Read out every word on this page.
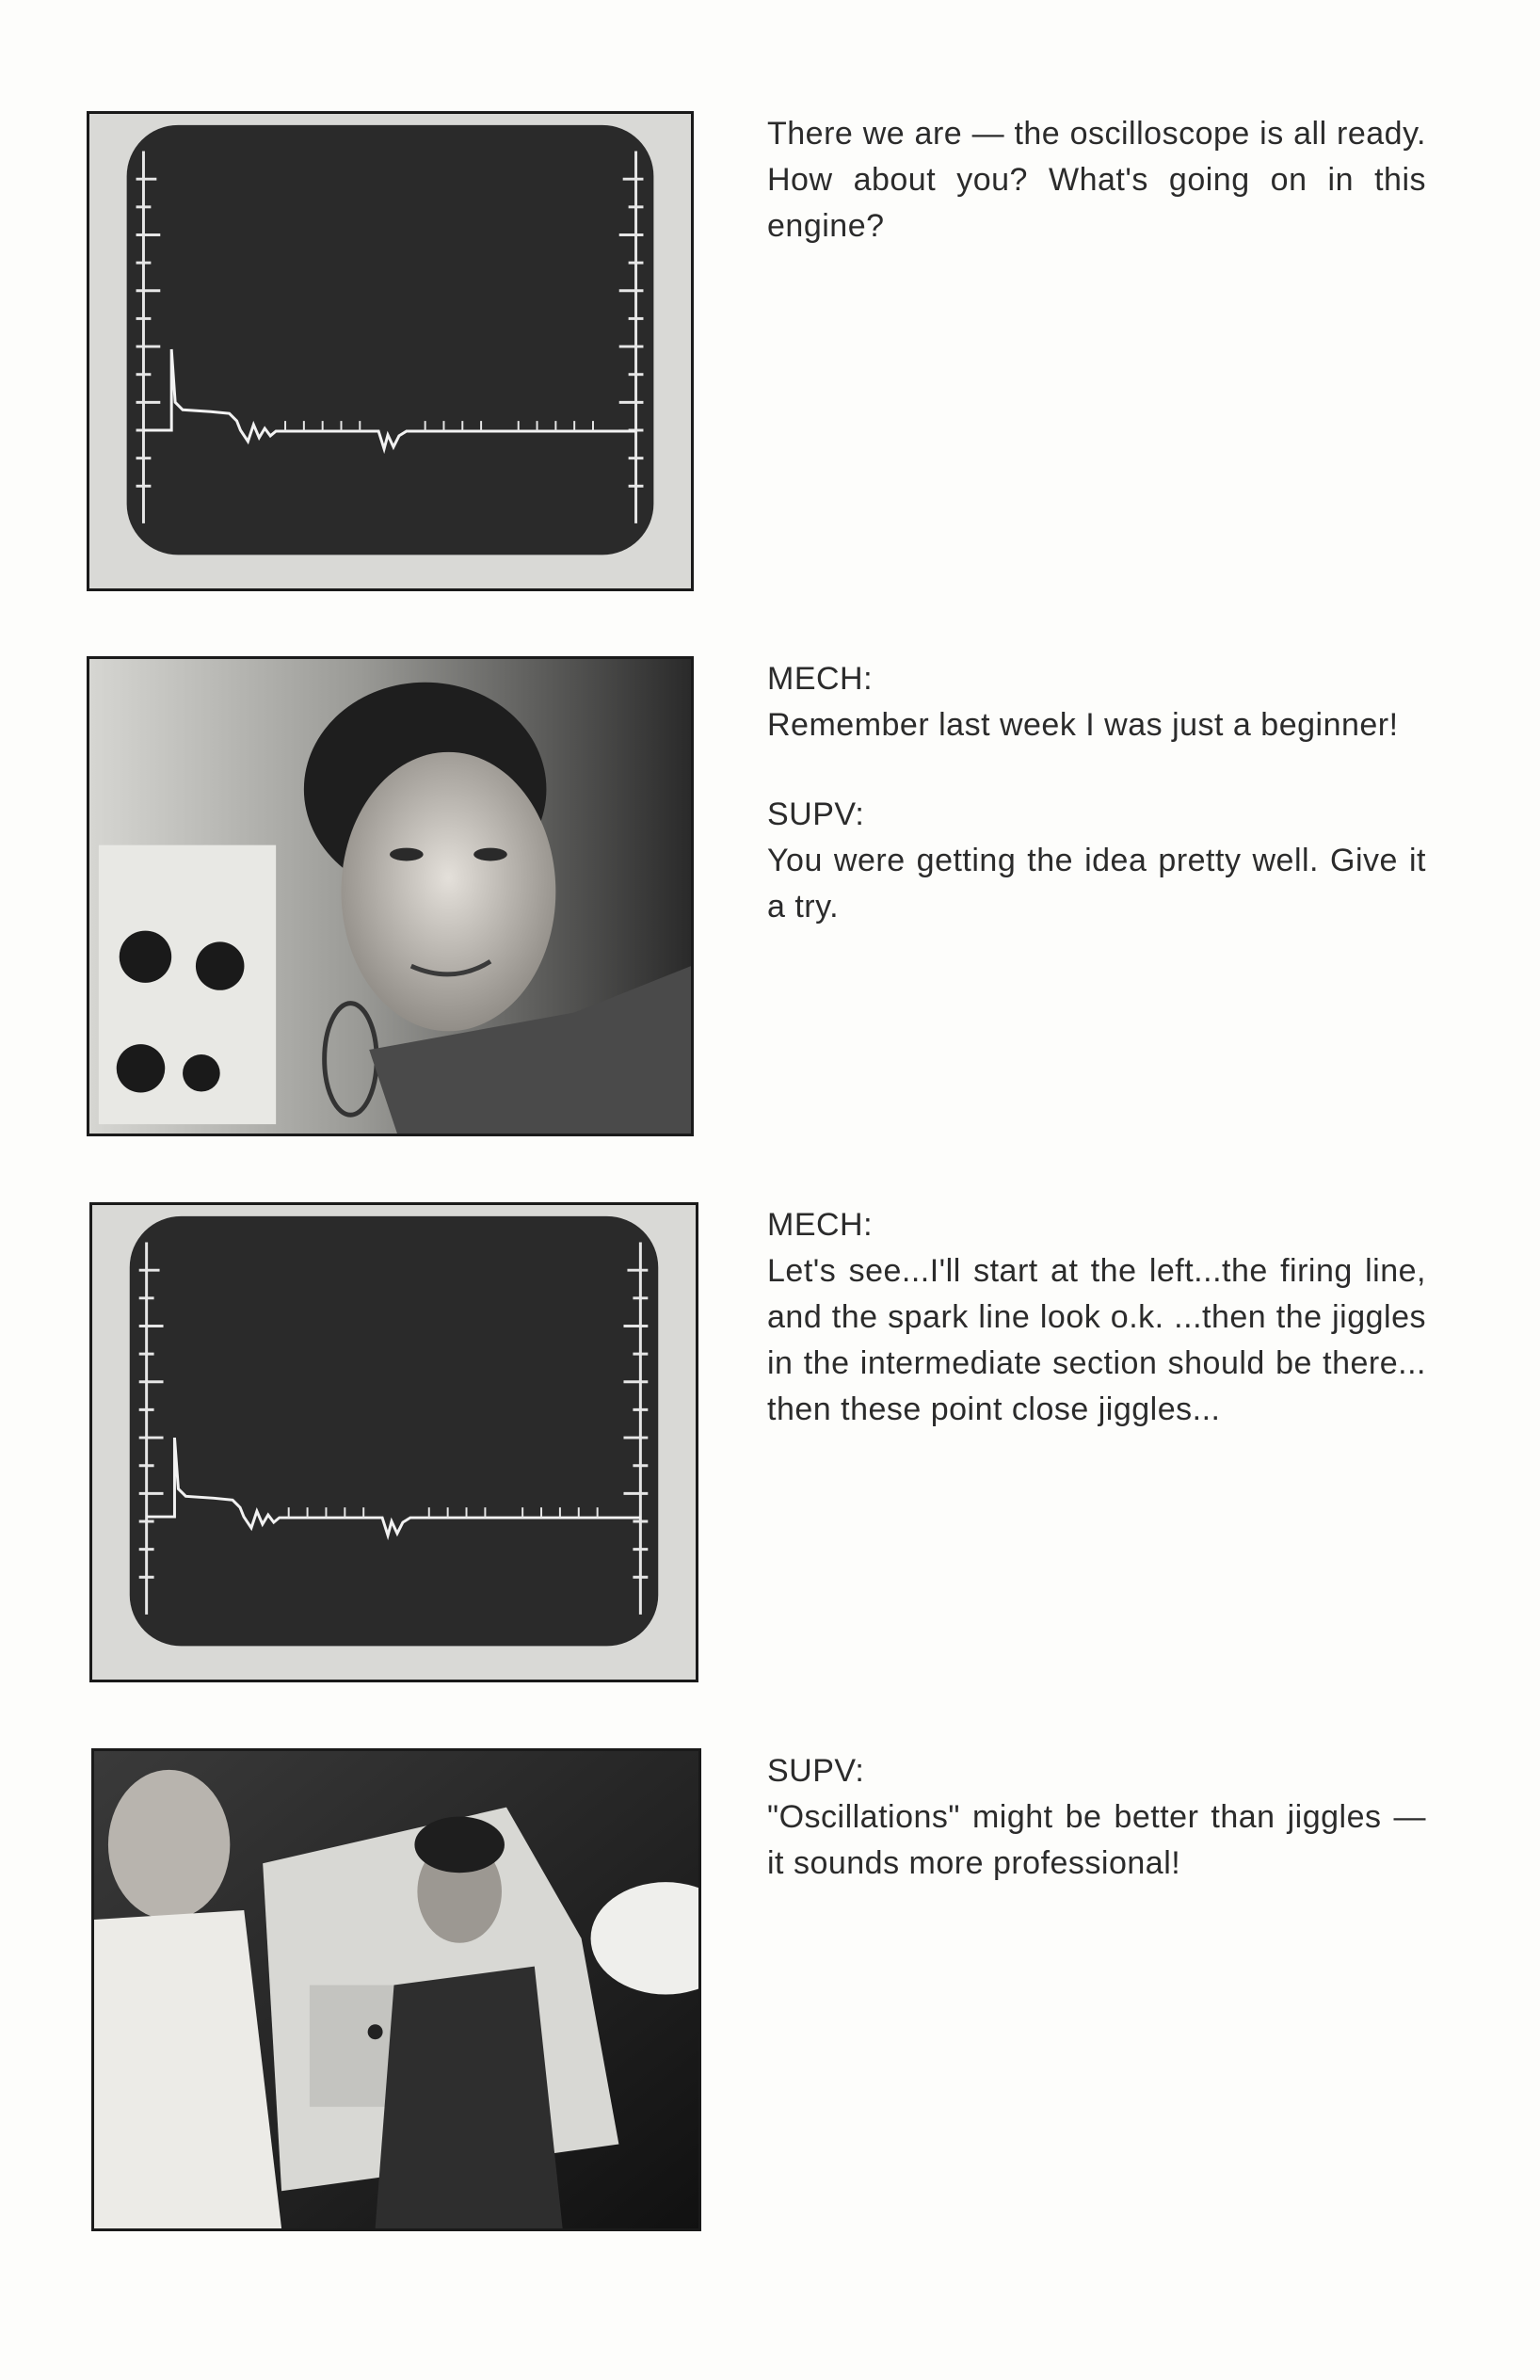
There we are — the oscilloscope is all ready. How about you? What's going on in this engine?

MECH:

Remember last week I was just a beginner!

SUPV:

You were getting the idea pretty well. Give it a try.

MECH:

Let's see...I'll start at the left...the firing line, and the spark line look o.k. ...then the jiggles in the intermediate section should be there... then these point close jiggles...

SUPV:

"Oscillations" might be better than jiggles — it sounds more professional!
